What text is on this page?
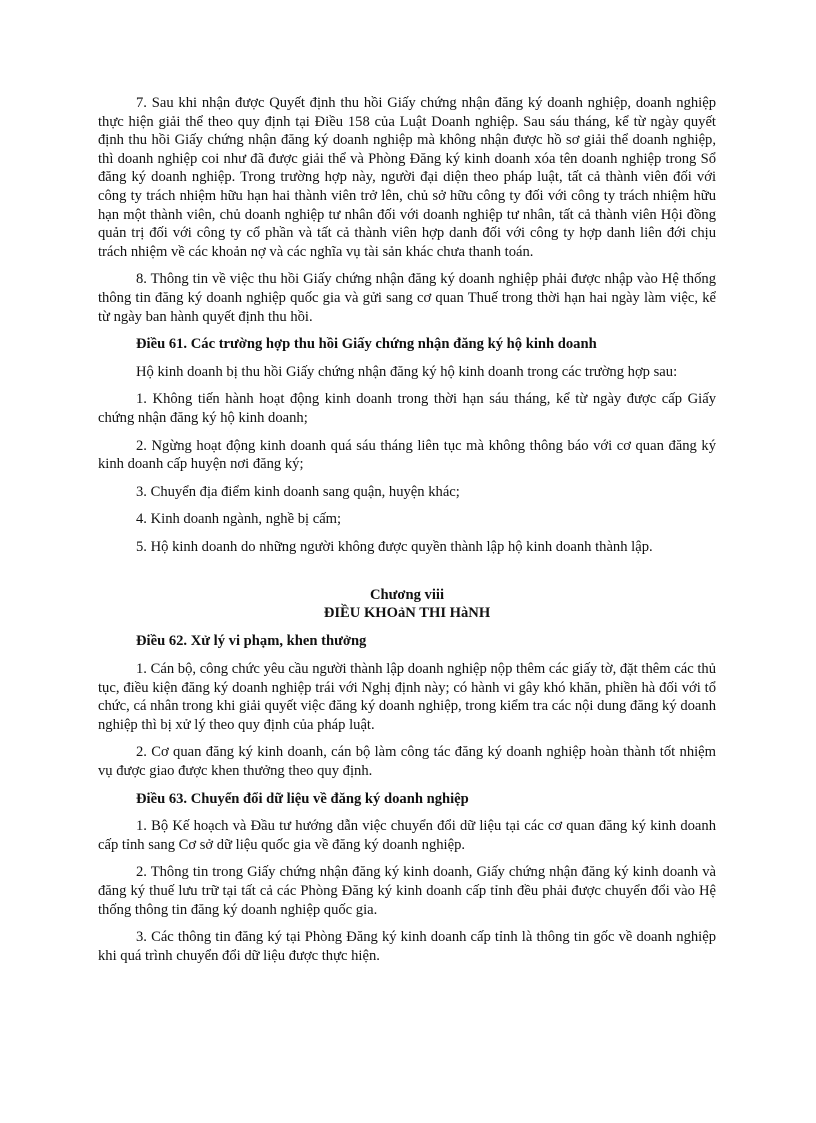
7. Sau khi nhận được Quyết định thu hồi Giấy chứng nhận đăng ký doanh nghiệp, doanh nghiệp thực hiện giải thể theo quy định tại Điều 158 của Luật Doanh nghiệp. Sau sáu tháng, kể từ ngày quyết định thu hồi Giấy chứng nhận đăng ký doanh nghiệp mà không nhận được hồ sơ giải thể doanh nghiệp, thì doanh nghiệp coi như đã được giải thể và Phòng Đăng ký kinh doanh xóa tên doanh nghiệp trong Sổ đăng ký doanh nghiệp. Trong trường hợp này, người đại diện theo pháp luật, tất cả thành viên đối với công ty trách nhiệm hữu hạn hai thành viên trở lên, chủ sở hữu công ty đối với công ty trách nhiệm hữu hạn một thành viên, chủ doanh nghiệp tư nhân đối với doanh nghiệp tư nhân, tất cả thành viên Hội đồng quản trị đối với công ty cổ phần và tất cả thành viên hợp danh đối với công ty hợp danh liên đới chịu trách nhiệm về các khoản nợ và các nghĩa vụ tài sản khác chưa thanh toán.

8. Thông tin về việc thu hồi Giấy chứng nhận đăng ký doanh nghiệp phải được nhập vào Hệ thống thông tin đăng ký doanh nghiệp quốc gia và gửi sang cơ quan Thuế trong thời hạn hai ngày làm việc, kể từ ngày ban hành quyết định thu hồi.

Điều 61. Các trường hợp thu hồi Giấy chứng nhận đăng ký hộ kinh doanh

Hộ kinh doanh bị thu hồi Giấy chứng nhận đăng ký hộ kinh doanh trong các trường hợp sau:

1. Không tiến hành hoạt động kinh doanh trong thời hạn sáu tháng, kể từ ngày được cấp Giấy chứng nhận đăng ký hộ kinh doanh;

2. Ngừng hoạt động kinh doanh quá sáu tháng liên tục mà không thông báo với cơ quan đăng ký kinh doanh cấp huyện nơi đăng ký;

3. Chuyển địa điểm kinh doanh sang quận, huyện khác;

4. Kinh doanh ngành, nghề bị cấm;

5. Hộ kinh doanh do những người không được quyền thành lập hộ kinh doanh thành lập.

Chương viii
ĐIỀU KHOảN THI HàNH

Điều 62. Xử lý vi phạm, khen thưởng

1. Cán bộ, công chức yêu cầu người thành lập doanh nghiệp nộp thêm các giấy tờ, đặt thêm các thủ tục, điều kiện đăng ký doanh nghiệp trái với Nghị định này; có hành vi gây khó khăn, phiền hà đối với tổ chức, cá nhân trong khi giải quyết việc đăng ký doanh nghiệp, trong kiểm tra các nội dung đăng ký doanh nghiệp thì bị xử lý theo quy định của pháp luật.

2. Cơ quan đăng ký kinh doanh, cán bộ làm công tác đăng ký doanh nghiệp hoàn thành tốt nhiệm vụ được giao được khen thưởng theo quy định.

Điều 63. Chuyển đổi dữ liệu về đăng ký doanh nghiệp

1. Bộ Kế hoạch và Đầu tư hướng dẫn việc chuyển đổi dữ liệu tại các cơ quan đăng ký kinh doanh cấp tỉnh sang Cơ sở dữ liệu quốc gia về đăng ký doanh nghiệp.

2. Thông tin trong Giấy chứng nhận đăng ký kinh doanh, Giấy chứng nhận đăng ký kinh doanh và đăng ký thuế lưu trữ tại tất cả các Phòng Đăng ký kinh doanh cấp tỉnh đều phải được chuyển đổi vào Hệ thống thông tin đăng ký doanh nghiệp quốc gia.

3. Các thông tin đăng ký tại Phòng Đăng ký kinh doanh cấp tỉnh là thông tin gốc về doanh nghiệp khi quá trình chuyển đổi dữ liệu được thực hiện.
